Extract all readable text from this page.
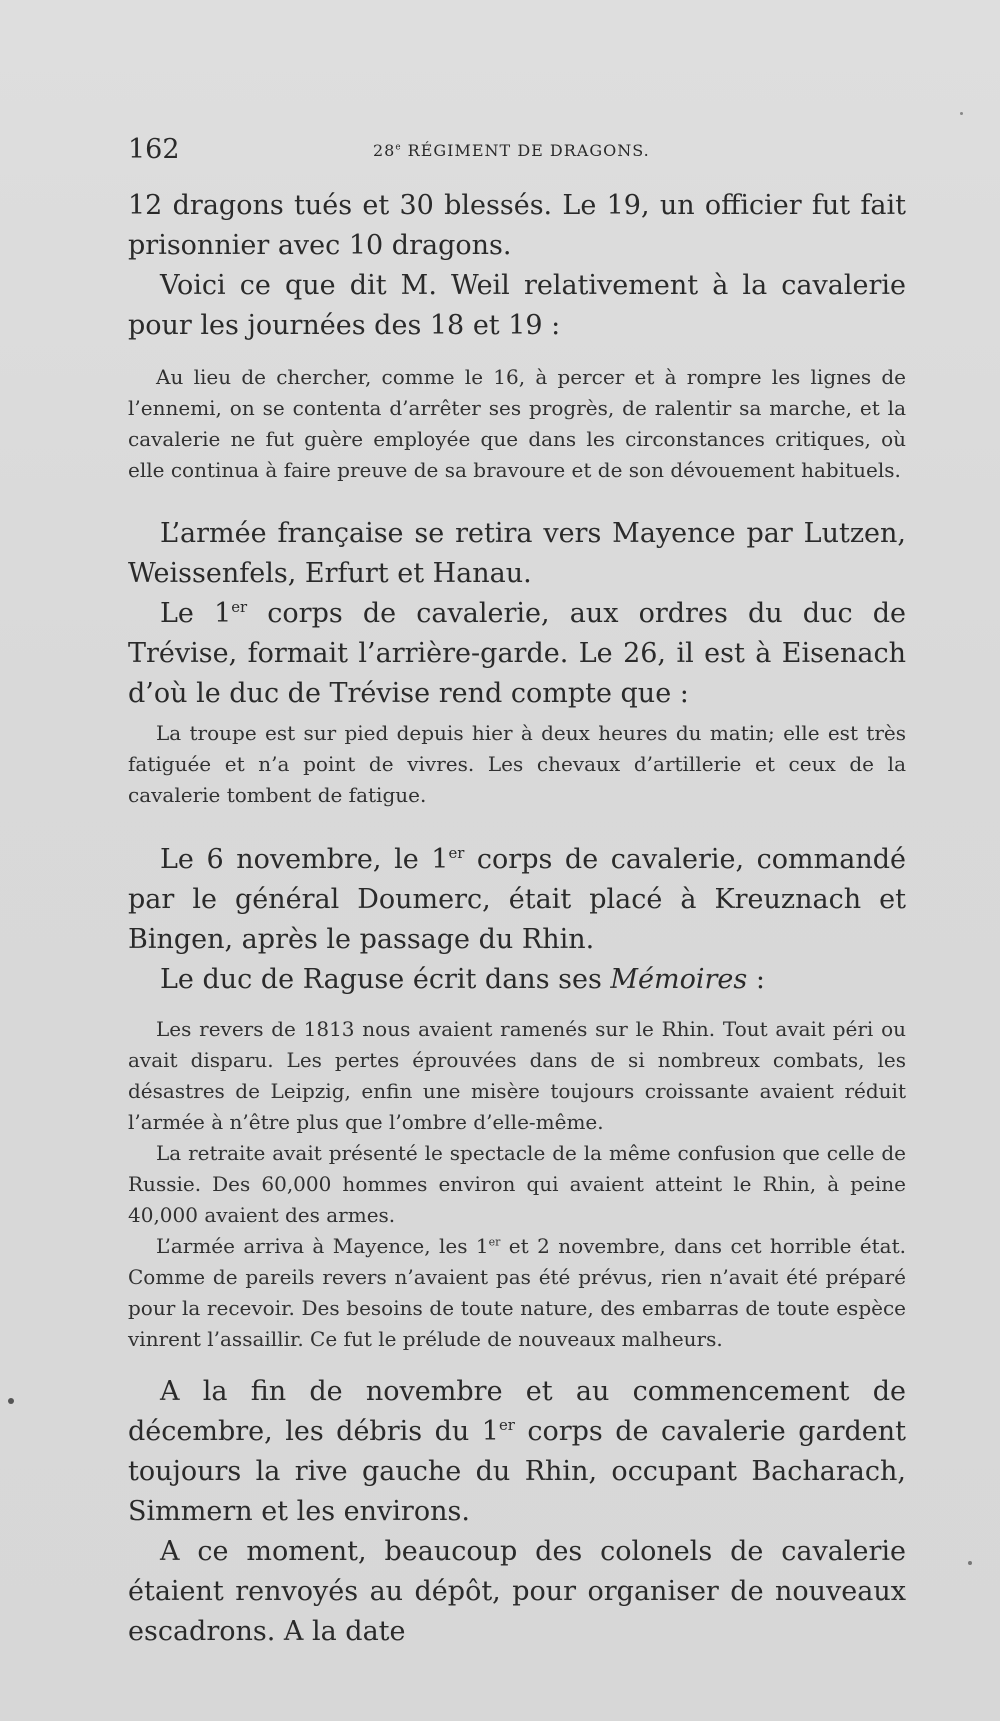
162	28e RÉGIMENT DE DRAGONS.

12 dragons tués et 30 blessés. Le 19, un officier fut fait prisonnier avec 10 dragons.

Voici ce que dit M. Weil relativement à la cavalerie pour les journées des 18 et 19 :

Au lieu de chercher, comme le 16, à percer et à rompre les lignes de l’ennemi, on se contenta d’arrêter ses progrès, de ralentir sa marche, et la cavalerie ne fut guère employée que dans les circonstances critiques, où elle continua à faire preuve de sa bravoure et de son dévouement habituels.

L’armée française se retira vers Mayence par Lutzen, Weissenfels, Erfurt et Hanau.

Le 1er corps de cavalerie, aux ordres du duc de Trévise, formait l’arrière-garde. Le 26, il est à Eisenach d’où le duc de Trévise rend compte que :

La troupe est sur pied depuis hier à deux heures du matin; elle est très fatiguée et n’a point de vivres. Les chevaux d’artillerie et ceux de la cavalerie tombent de fatigue.

Le 6 novembre, le 1er corps de cavalerie, commandé par le général Doumerc, était placé à Kreuznach et Bingen, après le passage du Rhin.

Le duc de Raguse écrit dans ses Mémoires :

Les revers de 1813 nous avaient ramenés sur le Rhin. Tout avait péri ou avait disparu. Les pertes éprouvées dans de si nombreux combats, les désastres de Leipzig, enfin une misère toujours croissante avaient réduit l’armée à n’être plus que l’ombre d’elle-même.

La retraite avait présenté le spectacle de la même confusion que celle de Russie. Des 60,000 hommes environ qui avaient atteint le Rhin, à peine 40,000 avaient des armes.

L’armée arriva à Mayence, les 1er et 2 novembre, dans cet horrible état. Comme de pareils revers n’avaient pas été prévus, rien n’avait été préparé pour la recevoir. Des besoins de toute nature, des embarras de toute espèce vinrent l’assaillir. Ce fut le prélude de nouveaux malheurs.

A la fin de novembre et au commencement de décembre, les débris du 1er corps de cavalerie gardent toujours la rive gauche du Rhin, occupant Bacharach, Simmern et les environs.

A ce moment, beaucoup des colonels de cavalerie étaient renvoyés au dépôt, pour organiser de nouveaux escadrons. A la date
